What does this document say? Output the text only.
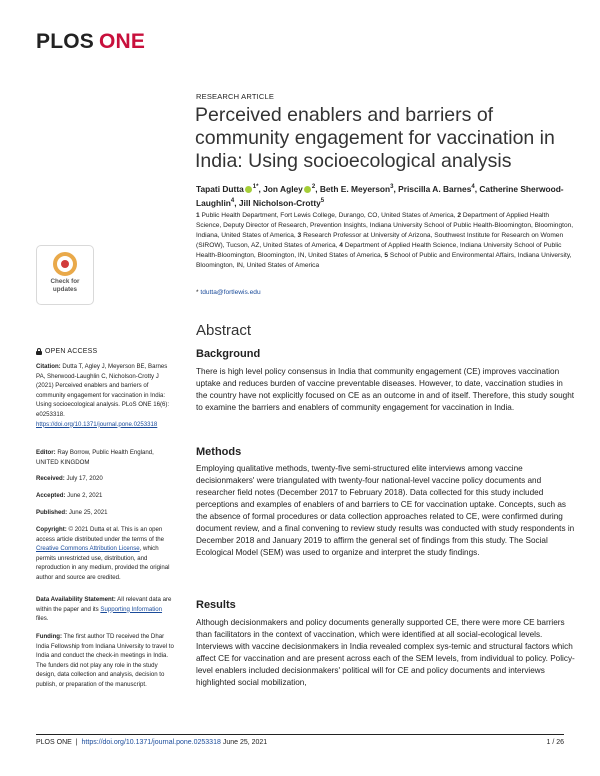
PLOS ONE
Check for
updates
OPEN ACCESS
Citation: Dutta T, Agley J, Meyerson BE, Barnes PA, Sherwood-Laughlin C, Nicholson-Crotty J (2021) Perceived enablers and barriers of community engagement for vaccination in India: Using socioecological analysis. PLoS ONE 16(6): e0253318. https://doi.org/10.1371/journal.pone.0253318
Editor: Ray Borrow, Public Health England, UNITED KINGDOM
Received: July 17, 2020
Accepted: June 2, 2021
Published: June 25, 2021
Copyright: © 2021 Dutta et al. This is an open access article distributed under the terms of the Creative Commons Attribution License, which permits unrestricted use, distribution, and reproduction in any medium, provided the original author and source are credited.
Data Availability Statement: All relevant data are within the paper and its Supporting Information files.
Funding: The first author TD received the Dhar India Fellowship from Indiana University to travel to India and conduct the check-in meetings in India. The funders did not play any role in the study design, data collection and analysis, decision to publish, or preparation of the manuscript.
RESEARCH ARTICLE
Perceived enablers and barriers of community engagement for vaccination in India: Using socioecological analysis
Tapati Dutta $^{1*}$, Jon Agley $^2$, Beth E. Meyerson$^3$, Priscilla A. Barnes$^4$, Catherine Sherwood-Laughlin$^4$, Jill Nicholson-Crotty$^5$
1 Public Health Department, Fort Lewis College, Durango, CO, United States of America, 2 Department of Applied Health Science, Deputy Director of Research, Prevention Insights, Indiana University School of Public Health-Bloomington, Bloomington, Indiana, United States of America, 3 Research Professor at University of Arizona, Southwest Institute for Research on Women (SIROW), Tucson, AZ, United States of America, 4 Department of Applied Health Science, Indiana University School of Public Health-Bloomington, Bloomington, IN, United States of America, 5 School of Public and Environmental Affairs, Indiana University, Bloomington, IN, United States of America
* tdutta@fortlewis.edu
Abstract
Background

There is high level policy consensus in India that community engagement (CE) improves vaccination uptake and reduces burden of vaccine preventable diseases. However, to date, vaccination studies in the country have not explicitly focused on CE as an outcome in and of itself. Therefore, this study sought to examine the barriers and enablers of community engagement for vaccination in India.

Methods

Employing qualitative methods, twenty-five semi-structured elite interviews among vaccine decisionmakers' were triangulated with twenty-four national-level vaccine policy documents and researcher field notes (December 2017 to February 2018). Data collected for this study included perceptions and examples of enablers of and barriers to CE for vaccination uptake. Concepts, such as the absence of formal procedures or data collection approaches related to CE, were confirmed during document review, and a final convening to review study results was conducted with study respondents in December 2018 and January 2019 to affirm the general set of findings from this study. The Social Ecological Model (SEM) was used to organize and interpret the study findings.

Results

Although decisionmakers and policy documents generally supported CE, there were more CE barriers than facilitators in the context of vaccination, which were identified at all social-ecological levels. Interviews with vaccine decisionmakers in India revealed complex sys-temic and structural factors which affect CE for vaccination and are present across each of the SEM levels, from individual to policy. Policy-level enablers included decisionmakers' political will for CE and policy documents and interviews highlighted social mobilization,

PLOS ONE | https://doi.org/10.1371/journal.pone.0253318 June 25, 2021	1 / 26
